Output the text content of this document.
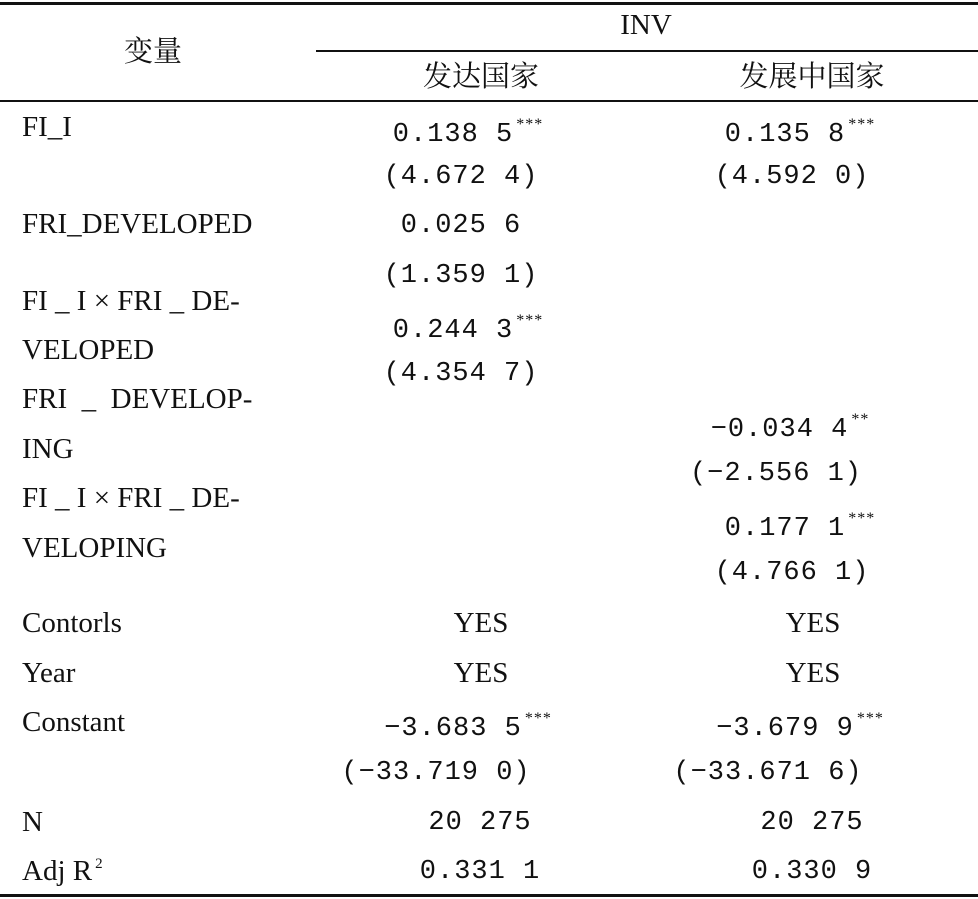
变量
INV
发达国家	发展中国家
FI_I
FRI_DEVELOPED
FI _ I × FRI _ DE-
VELOPED
FRI  _  DEVELOP-
ING
FI _ I × FRI _ DE-
VELOPING
Contorls
Year
Constant
N
Adj R $^2$
0.138 5 ***
(4.672 4)
0.025 6
(1.359 1)
0.244 3 ***
(4.354 7)
YES
YES
−3.683 5 ***
(−33.719 0)
20 275
0.331 1
0.135 8 ***
(4.592 0)
−0.034 4 **
(−2.556 1)
0.177 1 ***
(4.766 1)
YES
YES
−3.679 9 ***
(−33.671 6)
20 275
0.330 9
